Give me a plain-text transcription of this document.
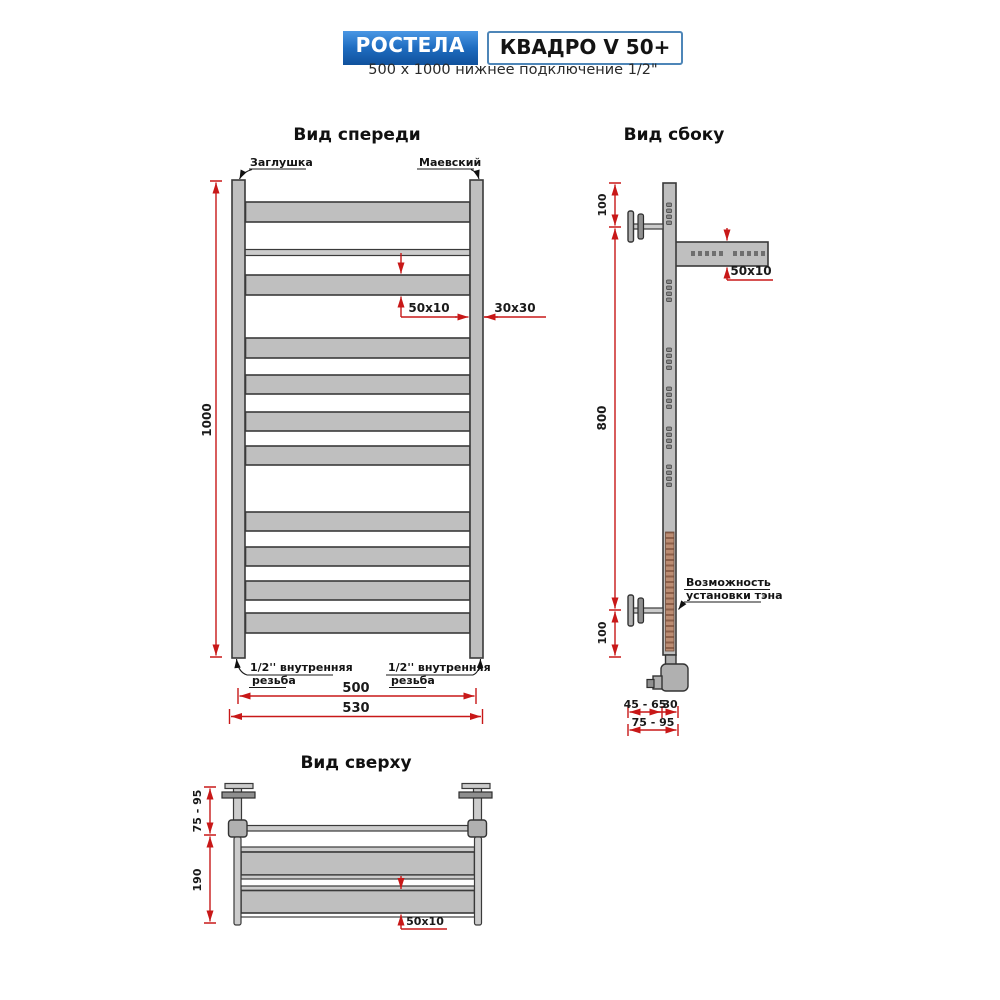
РОСТЕЛА	КВАДРО V 50+
500 x 1000 нижнее подключение 1/2"
Вид спереди	Вид сбоку
Вид сверху
Заглушка	Маевский
1000
50x10	30x30
1/2'' внутренняя
резьба
1/2'' внутренняя
резьба
500
530
50x10
100
800
100
Возможность
установки тэна
45 - 65
30
75 - 95
75 - 95
190
50x10
